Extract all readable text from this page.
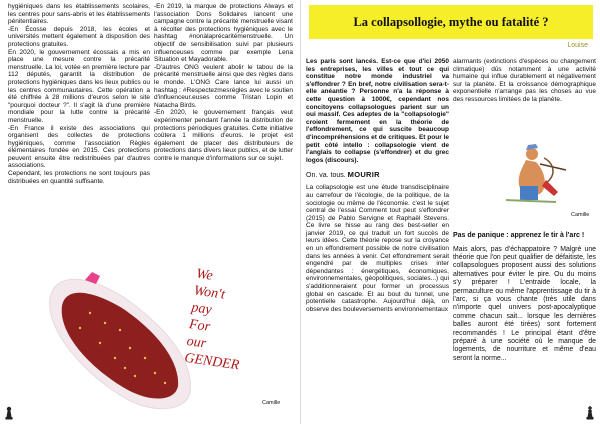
hygiéniques dans les établissements scolaires, les centres pour sans-abris et les établissements pénitentiaires.

-En Écosse depuis 2018, les écoles et universités mettent également à disposition des protections gratuites.

En 2020, le gouvernement écossais a mis en place une mesure contre la précarité menstruelle. La loi, votée en première lecture par 112 députés, garantit la distribution de protections hygiéniques dans les lieux publics ou les centres communautaires. Cette opération a été chiffrée à 28 millions d'euros selon le site "pourquoi docteur ?". Il s'agit là d'une première mondiale pour la lutte contre la précarité menstruelle.

-En France il existe des associations qui organisent des collectes de protections hygiéniques, comme l'association Règles élémentaires fondée en 2015. Ces protections peuvent ensuite être redistribuées par d'autres associations.

Cependant, les protections ne sont toujours pas distribuées en quantité suffisante.

-En 2019, la marque de protections Always et l'association Dons Solidaires lancent une campagne contre la précarité menstruelle visant à récolter des protections hygiéniques avec le hashtag #nonàlaprécaritémenstruelle. Un objectif de sensibilisation suivi par plusieurs influenceuses comme par exemple Lena Situation et Mayadorable.

-D'autres ONG veulent abolir le tabou de la précarité menstruelle ainsi que des règles dans le monde. L'ONG Care lance lui aussi un hashtag : #Respectezmesrègles avec le soutien d'influenceur.euses comme Tristan Lopin et Natacha Birds.

-En 2020, le gouvernement français veut expérimenter pendant l'année la distribution de protections périodiques gratuites. Cette initiative coûtera 1 millions d'euros. le projet est également de placer des distributeurs de protections dans divers lieux publics, et de lutter contre le manque d'informations sur ce sujet.

We Won't pay For our GENDER
Camille
La collapsollogie, mythe ou fatalité ?
Louise

Les paris sont lancés. Est-ce que d'ici 2050 les entreprises, les villes et tout ce qui constitue notre monde industriel va s'effondrer ? En bref, notre civilisation sera-t-elle anéantie ? Personne n'a la réponse à cette question à 1000€, cependant nos concitoyens collapsologues parient sur un oui massif. Ces adeptes de la "collapsologie" croient fermement en la théorie de l'effondrement, ce qui suscite beaucoup d'incompréhensions et de critiques. Et pour le petit côté intello : collapsologie vient de l'anglais to collapse (s'effondrer) et du grec logos (discours).

On. va. tous. MOURIR

La collapsologie est une étude transdisciplinaire au carrefour de l'écologie, de la politique, de la sociologie ou même de l'économie. c'est le sujet central de l'essai Comment tout peut s'effondrer (2015) de Pablo Servigne et Raphaël Stevens. Ce livre se hisse au rang des best-seller en janvier 2019, ce qui traduit un fort succès de leurs idées. Cette théorie repose sur la croyance en un effondrement possible de notre civilisation dans les années à venir. Cet effondrement serait engendré par de multiples crises inter dépendantes : énergétiques, économiques, environnementales, géopolitiques, sociales...) qui s'additionneraient pour former un processus global en cascade. Et au bout du tunnel, une potentielle catastrophe. Aujourd'hui déjà, on observe des bouleversements environnementaux

alarmants (extinctions d'espèces ou changement climatique) dûs notamment à une activité humaine qui influe durablement et négativement sur la planète. Et la croissance démographique exponentielle n'arrange pas les choses au vue des ressources limitées de la planète.

Camille

Pas de panique : apprenez le tir à l'arc !

Mais alors, pas d'échappatoire ? Malgré une théorie que l'on peut qualifier de défaitiste, les collapsologues proposent aussi des solutions alternatives pour éviter le pire. Ou du moins s'y préparer ! L'entraide locale, la permaculture ou même l'apprentissage du tir à l'arc, si ça vous chante (très utile dans n'importe quel univers post-apocalyptique comme chacun sait... lorsque les dernières balles auront été tirées) sont fortement recommandés ! Le principal étant d'être préparé à une société où le manque de logements, de nourriture et même d'eau seront la norme...
